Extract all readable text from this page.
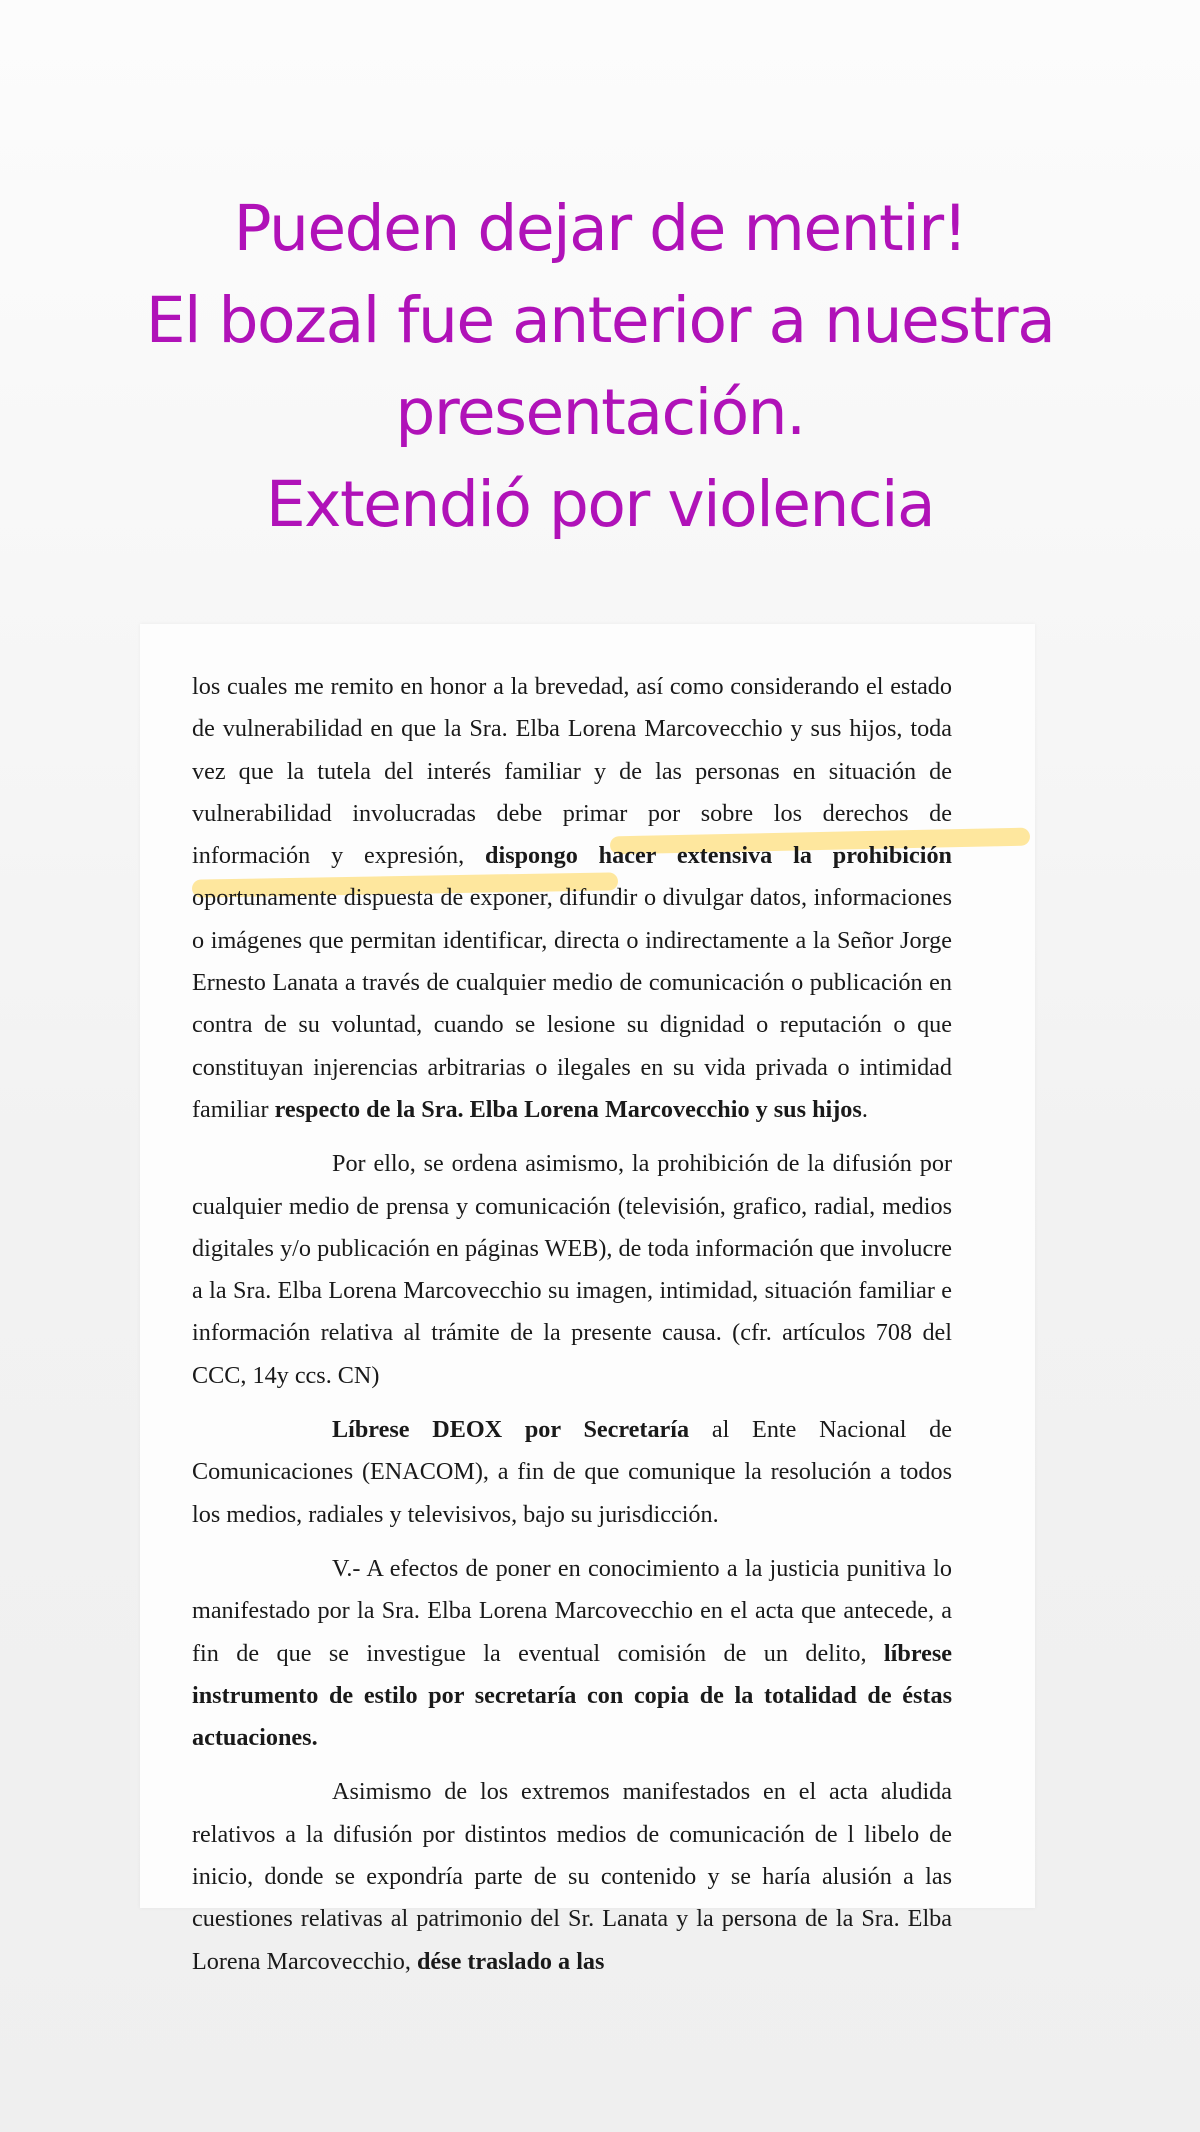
Pueden dejar de mentir!
El bozal fue anterior a nuestra
presentación.
Extendió por violencia

los cuales me remito en honor a la brevedad, así como considerando el estado de vulnerabilidad en que la Sra. Elba Lorena Marcovecchio y sus hijos, toda vez que la tutela del interés familiar y de las personas en situación de vulnerabilidad involucradas debe primar por sobre los derechos de información y expresión, dispongo hacer extensiva la prohibición oportunamente dispuesta de exponer, difundir o divulgar datos, informaciones o imágenes que permitan identificar, directa o indirectamente a la Señor Jorge Ernesto Lanata a través de cualquier medio de comunicación o publicación en contra de su voluntad, cuando se lesione su dignidad o reputación o que constituyan injerencias arbitrarias o ilegales en su vida privada o intimidad familiar respecto de la Sra. Elba Lorena Marcovecchio y sus hijos.

Por ello, se ordena asimismo, la prohibición de la difusión por cualquier medio de prensa y comunicación (televisión, grafico, radial, medios digitales y/o publicación en páginas WEB), de toda información que involucre a la Sra. Elba Lorena Marcovecchio su imagen, intimidad, situación familiar e información relativa al trámite de la presente causa. (cfr. artículos 708 del CCC, 14y ccs. CN)

Líbrese DEOX por Secretaría al Ente Nacional de Comunicaciones (ENACOM), a fin de que comunique la resolución a todos los medios, radiales y televisivos, bajo su jurisdicción.

V.- A efectos de poner en conocimiento a la justicia punitiva lo manifestado por la Sra. Elba Lorena Marcovecchio en el acta que antecede, a fin de que se investigue la eventual comisión de un delito, líbrese instrumento de estilo por secretaría con copia de la totalidad de éstas actuaciones.

Asimismo de los extremos manifestados en el acta aludida relativos a la difusión por distintos medios de comunicación de l libelo de inicio, donde se expondría parte de su contenido y se haría alusión a las cuestiones relativas al patrimonio del Sr. Lanata y la persona de la Sra. Elba Lorena Marcovecchio, dése traslado a las
